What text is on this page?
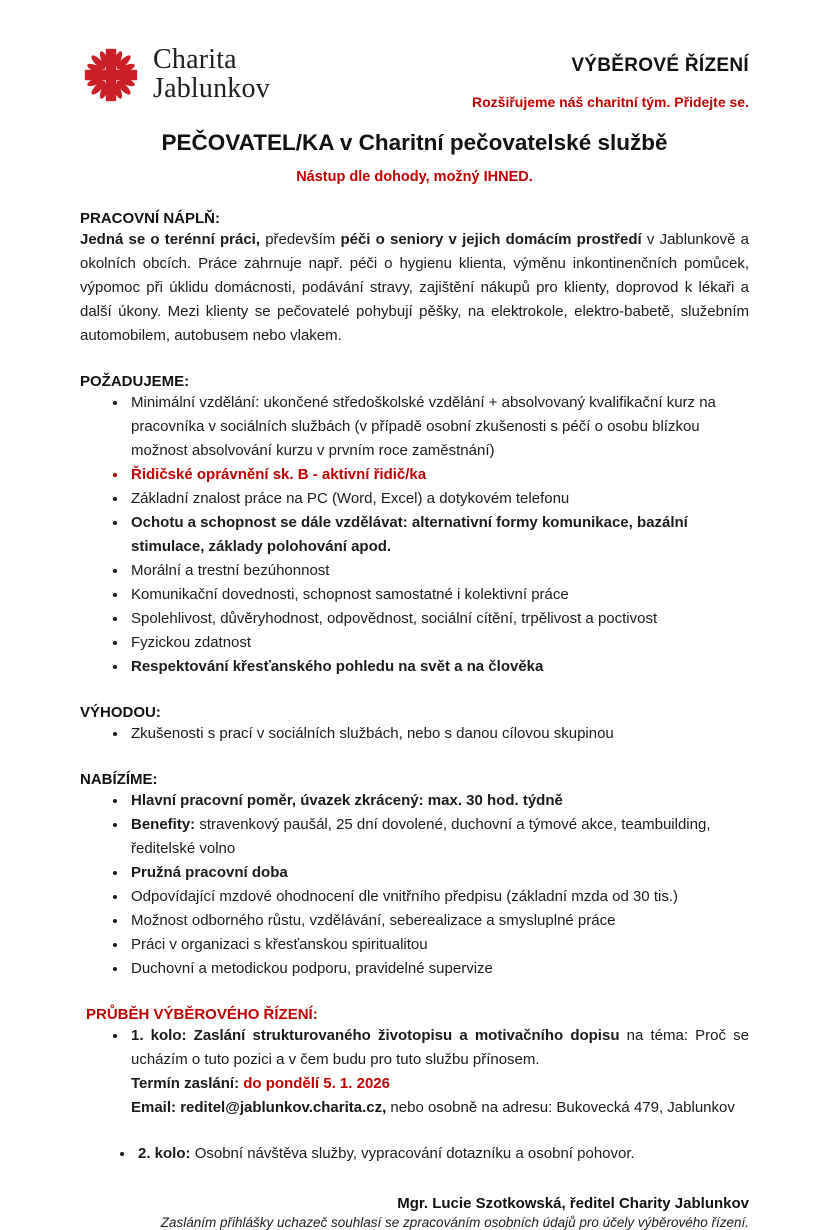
Charita
Jablunkov
VÝBĚROVÉ ŘÍZENÍ
Rozšiřujeme náš charitní tým. Přidejte se.
PEČOVATEL/KA v Charitní pečovatelské službě
Nástup dle dohody, možný IHNED.
PRACOVNÍ NÁPLŇ:

Jedná se o terénní práci, především péči o seniory v jejich domácím prostředí v Jablunkově a okolních obcích. Práce zahrnuje např. péči o hygienu klienta, výměnu inkontinenčních pomůcek, výpomoc při úklidu domácnosti, podávání stravy, zajištění nákupů pro klienty, doprovod k lékaři a další úkony. Mezi klienty se pečovatelé pohybují pěšky, na elektrokole, elektro-babetě, služebním automobilem, autobusem nebo vlakem.

POŽADUJEME:
• Minimální vzdělání: ukončené středoškolské vzdělání + absolvovaný kvalifikační kurz na pracovníka v sociálních službách (v případě osobní zkušenosti s péčí o osobu blízkou možnost absolvování kurzu v prvním roce zaměstnání)
• Řidičské oprávnění sk. B - aktivní řidič/ka
• Základní znalost práce na PC (Word, Excel) a dotykovém telefonu
• Ochotu a schopnost se dále vzdělávat: alternativní formy komunikace, bazální stimulace, základy polohování apod.
• Morální a trestní bezúhonnost
• Komunikační dovednosti, schopnost samostatné i kolektivní práce
• Spolehlivost, důvěryhodnost, odpovědnost, sociální cítění, trpělivost a poctivost
• Fyzickou zdatnost
• Respektování křesťanského pohledu na svět a na člověka
VÝHODOU:
• Zkušenosti s prací v sociálních službách, nebo s danou cílovou skupinou
NABÍZÍME:
• Hlavní pracovní poměr, úvazek zkrácený: max. 30 hod. týdně
• Benefity: stravenkový paušál, 25 dní dovolené, duchovní a týmové akce, teambuilding, ředitelské volno
• Pružná pracovní doba
• Odpovídající mzdové ohodnocení dle vnitřního předpisu (základní mzda od 30 tis.)
• Možnost odborného růstu, vzdělávání, seberealizace a smysluplné práce
• Práci v organizaci s křesťanskou spiritualitou
• Duchovní a metodickou podporu, pravidelné supervize
PRŮBĚH VÝBĚROVÉHO ŘÍZENÍ:
• 1. kolo: Zaslání strukturovaného životopisu a motivačního dopisu na téma: Proč se ucházím o tuto pozici a v čem budu pro tuto službu přínosem.
Termín zaslání: do pondělí 5. 1. 2026
Email: reditel@jablunkov.charita.cz, nebo osobně na adresu: Bukovecká 479, Jablunkov
• 2. kolo: Osobní návštěva služby, vypracování dotazníku a osobní pohovor.
Mgr. Lucie Szotkowská, ředitel Charity Jablunkov
Zasláním přihlášky uchazeč souhlasí se zpracováním osobních údajů pro účely výběrového řízení.
